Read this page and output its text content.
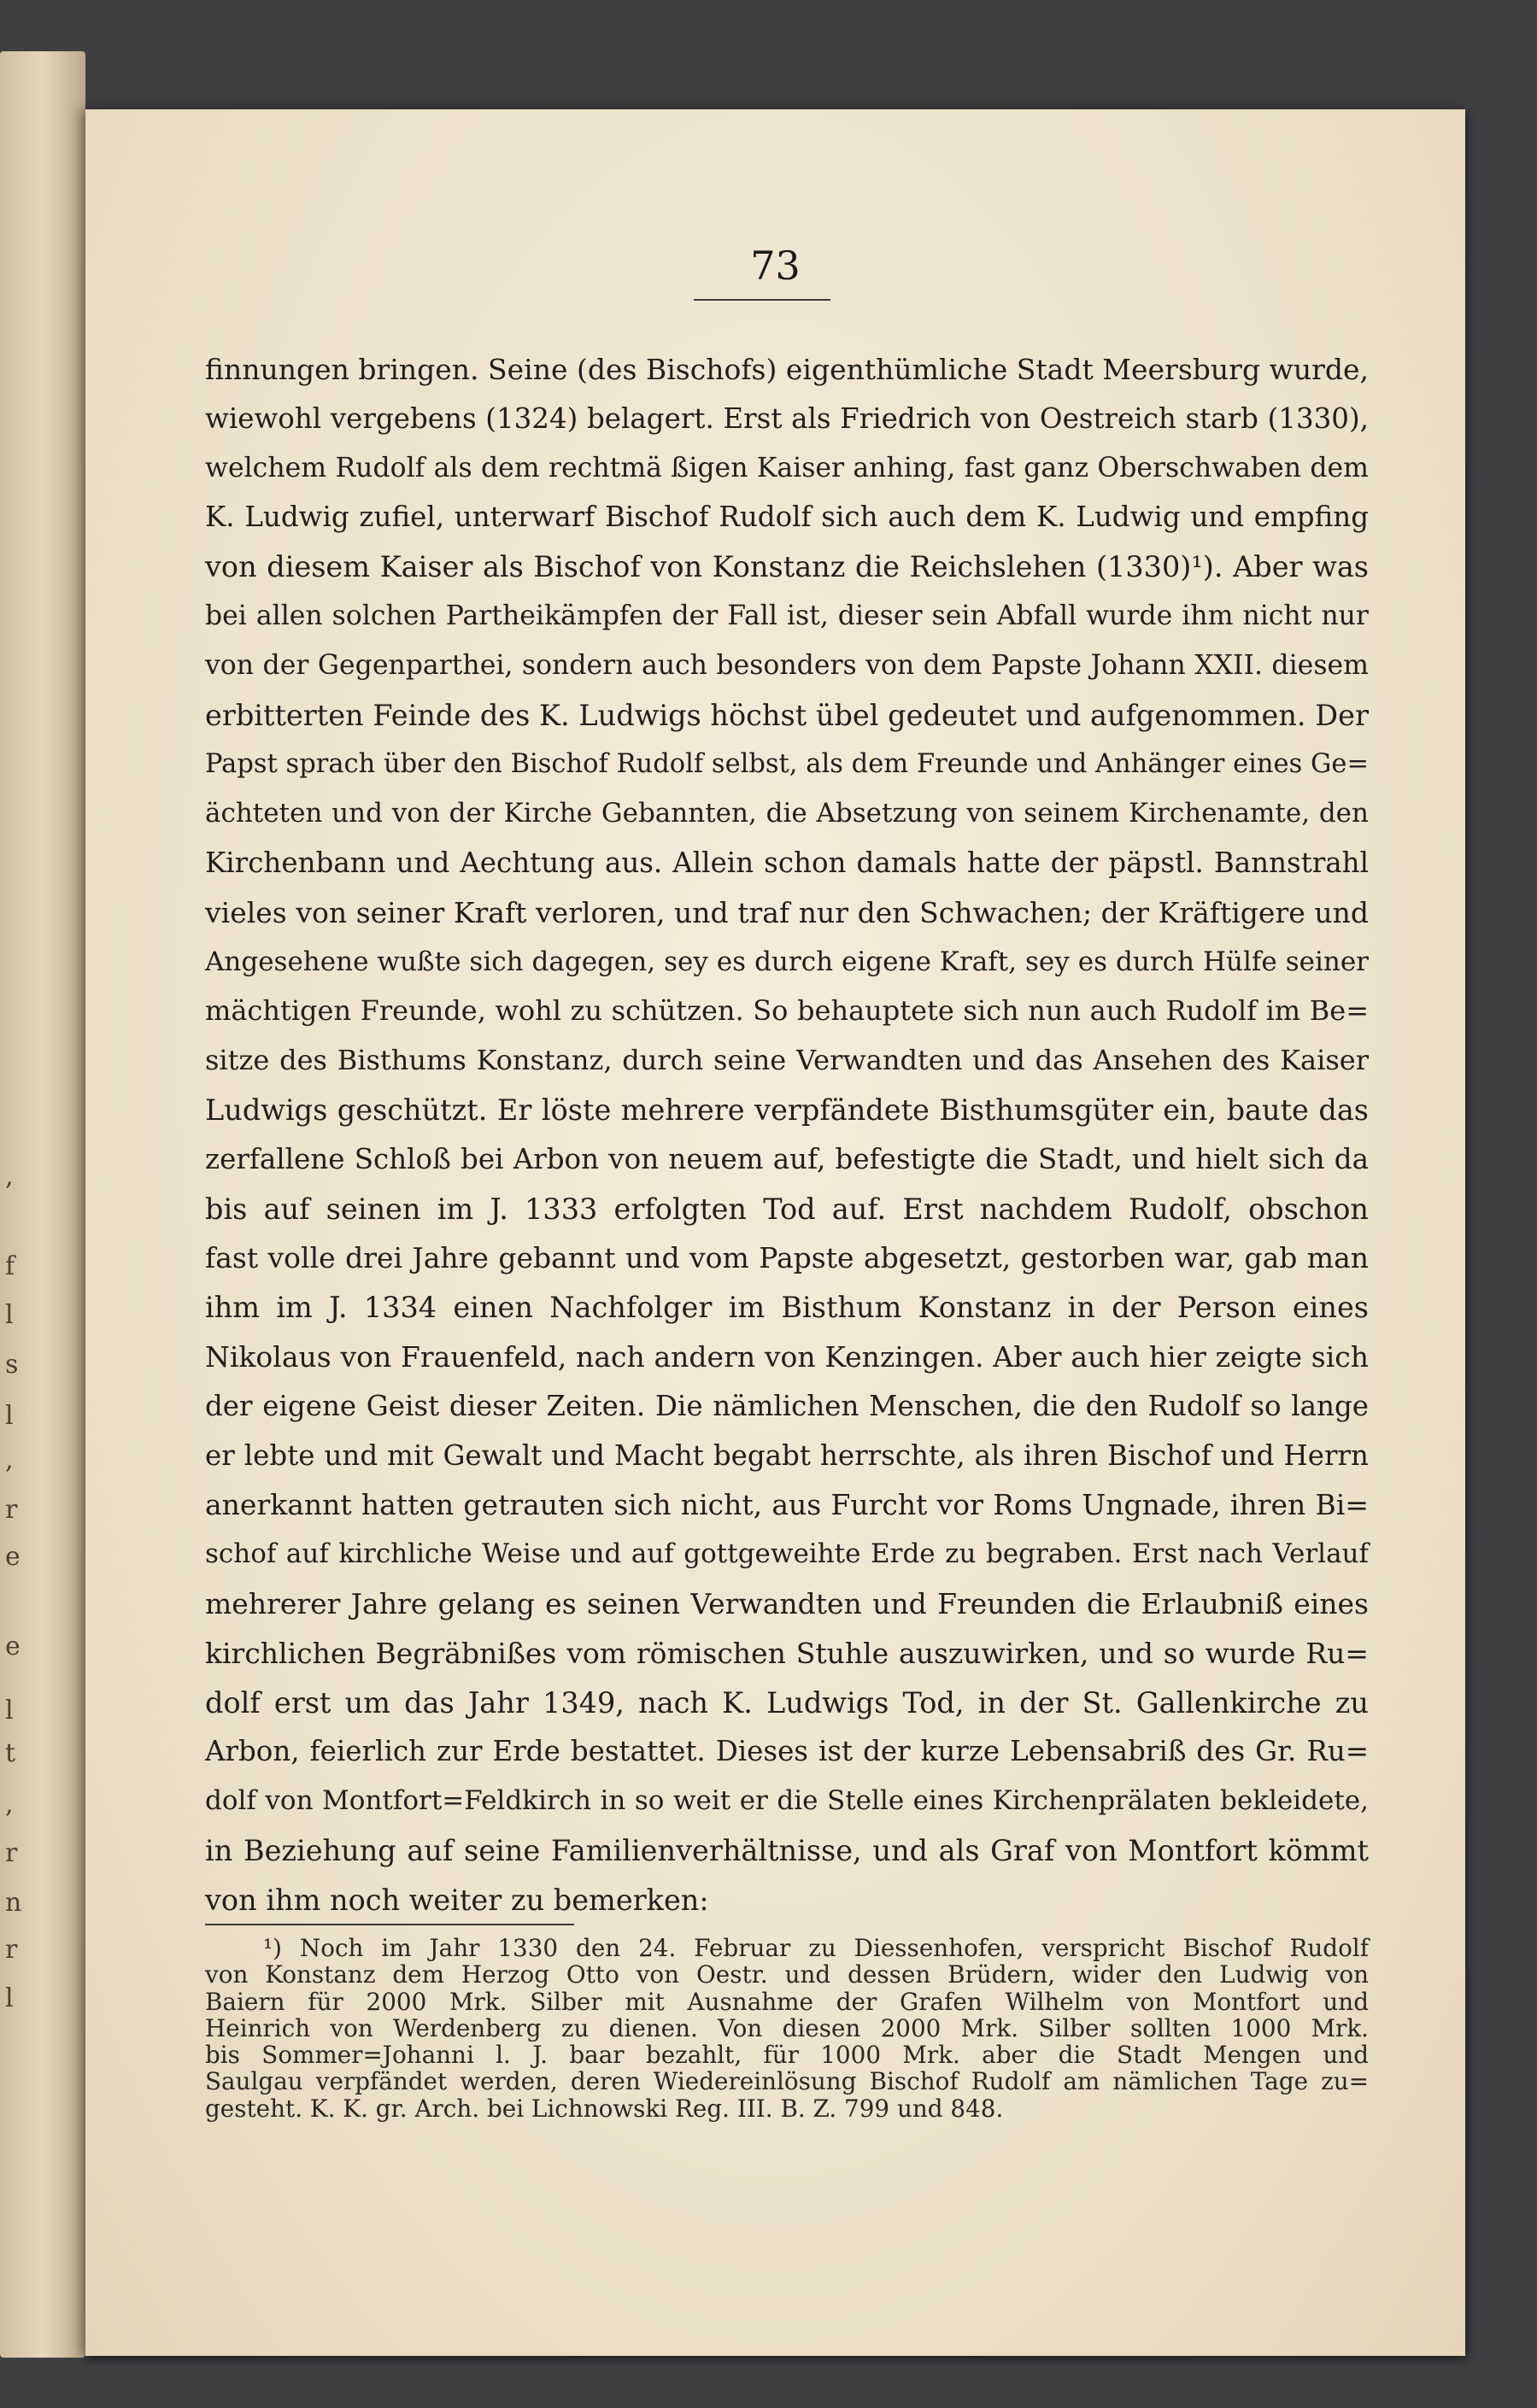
,
f
l
s
l
,
r
e
e
l
t
,
r
n
r
l
73
finnungen bringen. Seine (des Bischofs) eigenthümliche Stadt Meersburg wurde,
wiewohl vergebens (1324) belagert. Erst als Friedrich von Oestreich starb (1330),
welchem Rudolf als dem rechtmä ßigen Kaiser anhing, fast ganz Oberschwaben dem
K. Ludwig zufiel, unterwarf Bischof Rudolf sich auch dem K. Ludwig und empfing
von diesem Kaiser als Bischof von Konstanz die Reichslehen (1330)¹). Aber was
bei allen solchen Partheikämpfen der Fall ist, dieser sein Abfall wurde ihm nicht nur
von der Gegenparthei, sondern auch besonders von dem Papste Johann XXII. diesem
erbitterten Feinde des K. Ludwigs höchst übel gedeutet und aufgenommen. Der
Papst sprach über den Bischof Rudolf selbst, als dem Freunde und Anhänger eines Ge=
ächteten und von der Kirche Gebannten, die Absetzung von seinem Kirchenamte, den
Kirchenbann und Aechtung aus. Allein schon damals hatte der päpstl. Bannstrahl
vieles von seiner Kraft verloren, und traf nur den Schwachen; der Kräftigere und
Angesehene wußte sich dagegen, sey es durch eigene Kraft, sey es durch Hülfe seiner
mächtigen Freunde, wohl zu schützen. So behauptete sich nun auch Rudolf im Be=
sitze des Bisthums Konstanz, durch seine Verwandten und das Ansehen des Kaiser
Ludwigs geschützt. Er löste mehrere verpfändete Bisthumsgüter ein, baute das
zerfallene Schloß bei Arbon von neuem auf, befestigte die Stadt, und hielt sich da
bis auf seinen im J. 1333 erfolgten Tod auf. Erst nachdem Rudolf, obschon
fast volle drei Jahre gebannt und vom Papste abgesetzt, gestorben war, gab man
ihm im J. 1334 einen Nachfolger im Bisthum Konstanz in der Person eines
Nikolaus von Frauenfeld, nach andern von Kenzingen. Aber auch hier zeigte sich
der eigene Geist dieser Zeiten. Die nämlichen Menschen, die den Rudolf so lange
er lebte und mit Gewalt und Macht begabt herrschte, als ihren Bischof und Herrn
anerkannt hatten getrauten sich nicht, aus Furcht vor Roms Ungnade, ihren Bi=
schof auf kirchliche Weise und auf gottgeweihte Erde zu begraben. Erst nach Verlauf
mehrerer Jahre gelang es seinen Verwandten und Freunden die Erlaubniß eines
kirchlichen Begräbnißes vom römischen Stuhle auszuwirken, und so wurde Ru=
dolf erst um das Jahr 1349, nach K. Ludwigs Tod, in der St. Gallenkirche zu
Arbon, feierlich zur Erde bestattet. Dieses ist der kurze Lebensabriß des Gr. Ru=
dolf von Montfort=Feldkirch in so weit er die Stelle eines Kirchenprälaten bekleidete,
in Beziehung auf seine Familienverhältnisse, und als Graf von Montfort kömmt
von ihm noch weiter zu bemerken:
¹) Noch im Jahr 1330 den 24. Februar zu Diessenhofen, verspricht Bischof Rudolf
von Konstanz dem Herzog Otto von Oestr. und dessen Brüdern, wider den Ludwig von
Baiern für 2000 Mrk. Silber mit Ausnahme der Grafen Wilhelm von Montfort und
Heinrich von Werdenberg zu dienen. Von diesen 2000 Mrk. Silber sollten 1000 Mrk.
bis Sommer=Johanni l. J. baar bezahlt, für 1000 Mrk. aber die Stadt Mengen und
Saulgau verpfändet werden, deren Wiedereinlösung Bischof Rudolf am nämlichen Tage zu=
gesteht. K. K. gr. Arch. bei Lichnowski Reg. III. B. Z. 799 und 848.
